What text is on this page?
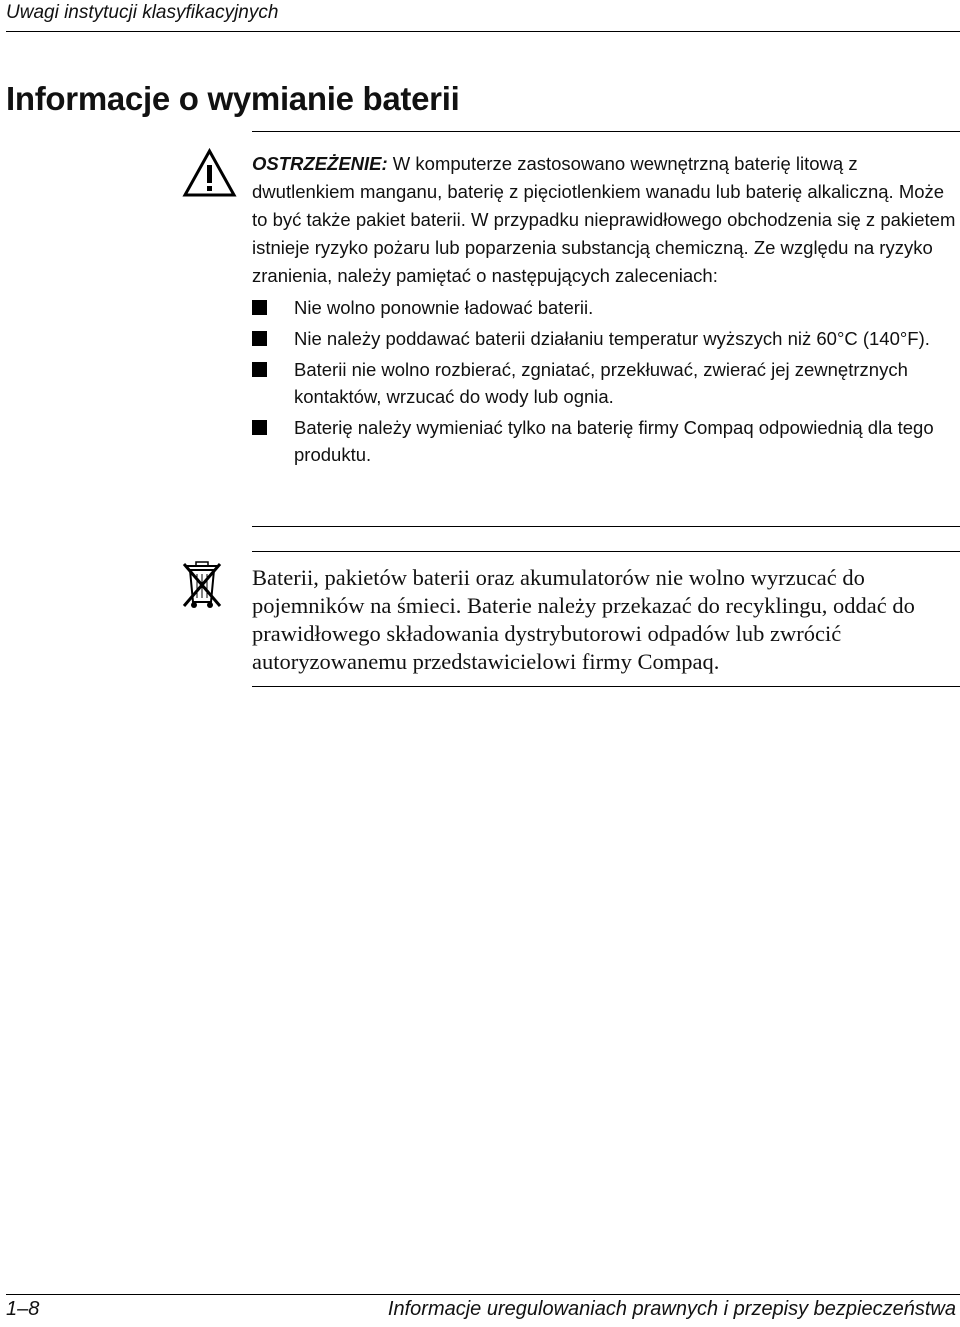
Uwagi instytucji klasyfikacyjnych
Informacje o wymianie baterii
OSTRZEŻENIE: W komputerze zastosowano wewnętrzną baterię litową z dwutlenkiem manganu, baterię z pięciotlenkiem wanadu lub baterię alkaliczną. Może to być także pakiet baterii. W przypadku nieprawidłowego obchodzenia się z pakietem istnieje ryzyko pożaru lub poparzenia substancją chemiczną. Ze względu na ryzyko zranienia, należy pamiętać o następujących zaleceniach:
Nie wolno ponownie ładować baterii.
Nie należy poddawać baterii działaniu temperatur wyższych niż 60°C (140°F).
Baterii nie wolno rozbierać, zgniatać, przekłuwać, zwierać jej zewnętrznych kontaktów, wrzucać do wody lub ognia.
Baterię należy wymieniać tylko na baterię firmy Compaq odpowiednią dla tego produktu.

Baterii, pakietów baterii oraz akumulatorów nie wolno wyrzucać do pojemników na śmieci. Baterie należy przekazać do recyklingu, oddać do prawidłowego składowania dystrybutorowi odpadów lub zwrócić autoryzowanemu przedstawicielowi firmy Compaq.

1–8	Informacje uregulowaniach prawnych i przepisy bezpieczeństwa
